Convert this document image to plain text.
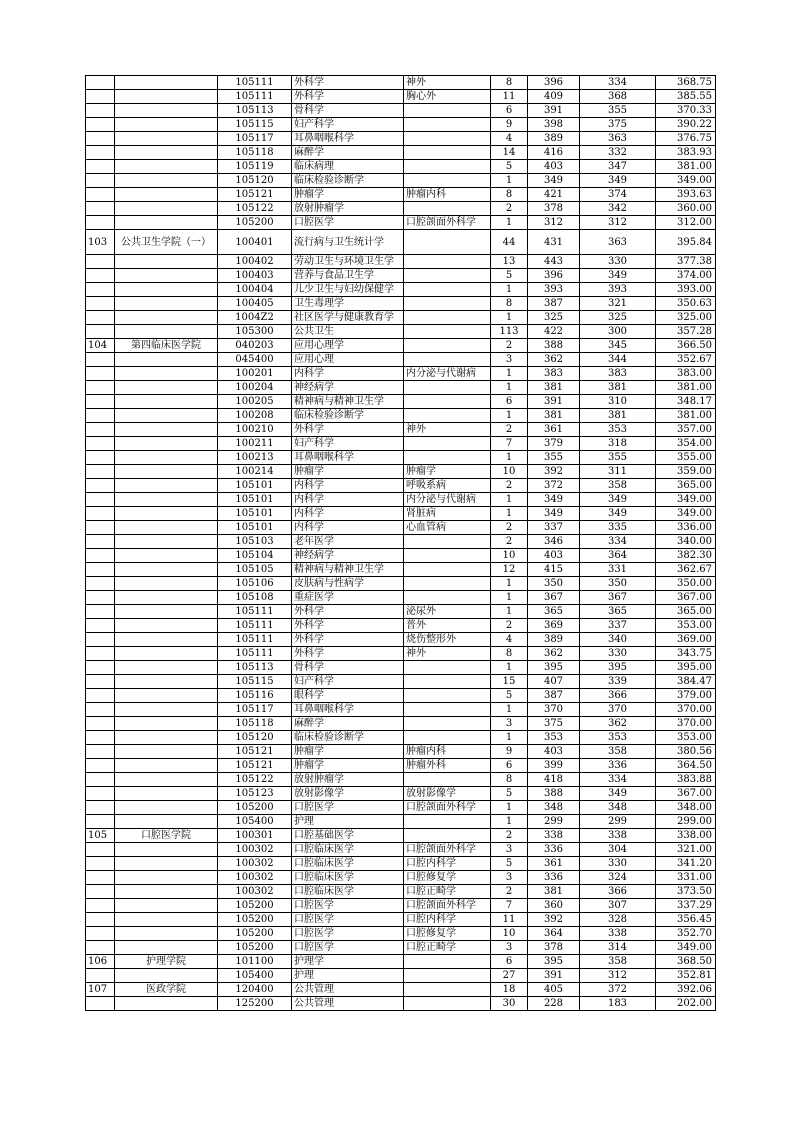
		105111	外科学	神外	8	396	334	368.75
		105111	外科学	胸心外	11	409	368	385.55
		105113	骨科学		6	391	355	370.33
		105115	妇产科学		9	398	375	390.22
		105117	耳鼻咽喉科学		4	389	363	376.75
		105118	麻醉学		14	416	332	383.93
		105119	临床病理		5	403	347	381.00
		105120	临床检验诊断学		1	349	349	349.00
		105121	肿瘤学	肿瘤内科	8	421	374	393.63
		105122	放射肿瘤学		2	378	342	360.00
		105200	口腔医学	口腔颌面外科学	1	312	312	312.00
103	公共卫生学院（一）	100401	流行病与卫生统计学		44	431	363	395.84
		100402	劳动卫生与环境卫生学		13	443	330	377.38
		100403	营养与食品卫生学		5	396	349	374.00
		100404	儿少卫生与妇幼保健学		1	393	393	393.00
		100405	卫生毒理学		8	387	321	350.63
		1004Z2	社区医学与健康教育学		1	325	325	325.00
		105300	公共卫生		113	422	300	357.28
104	第四临床医学院	040203	应用心理学		2	388	345	366.50
		045400	应用心理		3	362	344	352.67
		100201	内科学	内分泌与代谢病	1	383	383	383.00
		100204	神经病学		1	381	381	381.00
		100205	精神病与精神卫生学		6	391	310	348.17
		100208	临床检验诊断学		1	381	381	381.00
		100210	外科学	神外	2	361	353	357.00
		100211	妇产科学		7	379	318	354.00
		100213	耳鼻咽喉科学		1	355	355	355.00
		100214	肿瘤学	肿瘤学	10	392	311	359.00
		105101	内科学	呼吸系病	2	372	358	365.00
		105101	内科学	内分泌与代谢病	1	349	349	349.00
		105101	内科学	肾脏病	1	349	349	349.00
		105101	内科学	心血管病	2	337	335	336.00
		105103	老年医学		2	346	334	340.00
		105104	神经病学		10	403	364	382.30
		105105	精神病与精神卫生学		12	415	331	362.67
		105106	皮肤病与性病学		1	350	350	350.00
		105108	重症医学		1	367	367	367.00
		105111	外科学	泌尿外	1	365	365	365.00
		105111	外科学	普外	2	369	337	353.00
		105111	外科学	烧伤整形外	4	389	340	369.00
		105111	外科学	神外	8	362	330	343.75
		105113	骨科学		1	395	395	395.00
		105115	妇产科学		15	407	339	384.47
		105116	眼科学		5	387	366	379.00
		105117	耳鼻咽喉科学		1	370	370	370.00
		105118	麻醉学		3	375	362	370.00
		105120	临床检验诊断学		1	353	353	353.00
		105121	肿瘤学	肿瘤内科	9	403	358	380.56
		105121	肿瘤学	肿瘤外科	6	399	336	364.50
		105122	放射肿瘤学		8	418	334	383.88
		105123	放射影像学	放射影像学	5	388	349	367.00
		105200	口腔医学	口腔颌面外科学	1	348	348	348.00
		105400	护理		1	299	299	299.00
105	口腔医学院	100301	口腔基础医学		2	338	338	338.00
		100302	口腔临床医学	口腔颌面外科学	3	336	304	321.00
		100302	口腔临床医学	口腔内科学	5	361	330	341.20
		100302	口腔临床医学	口腔修复学	3	336	324	331.00
		100302	口腔临床医学	口腔正畸学	2	381	366	373.50
		105200	口腔医学	口腔颌面外科学	7	360	307	337.29
		105200	口腔医学	口腔内科学	11	392	328	356.45
		105200	口腔医学	口腔修复学	10	364	338	352.70
		105200	口腔医学	口腔正畸学	3	378	314	349.00
106	护理学院	101100	护理学		6	395	358	368.50
		105400	护理		27	391	312	352.81
107	医政学院	120400	公共管理		18	405	372	392.06
		125200	公共管理		30	228	183	202.00
